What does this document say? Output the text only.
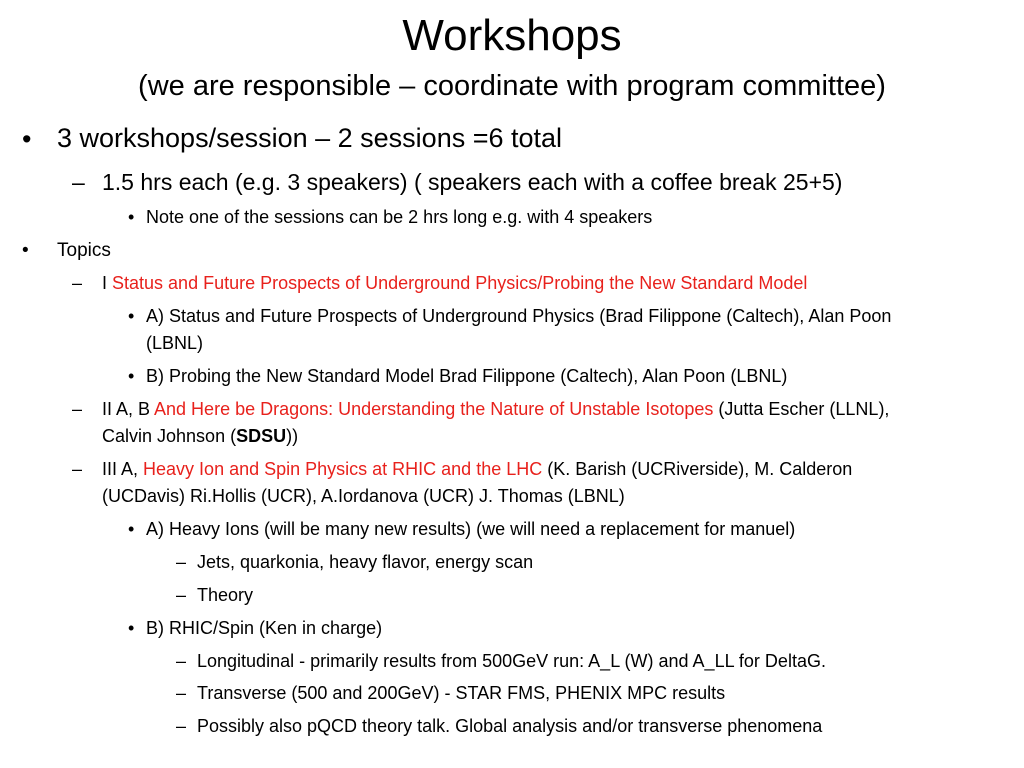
Workshops
(we are responsible – coordinate with program committee)
• 3 workshops/session – 2 sessions =6 total
– 1.5 hrs each (e.g. 3 speakers) ( speakers each with a coffee break 25+5)
• Note one of the sessions can be 2 hrs long e.g. with 4 speakers
• Topics
– I Status and Future Prospects of Underground Physics/Probing the New Standard Model
• A) Status and Future Prospects of Underground Physics (Brad Filippone (Caltech), Alan Poon
(LBNL)
• B) Probing the New Standard Model Brad Filippone (Caltech), Alan Poon (LBNL)
– II A, B And Here be Dragons: Understanding the Nature of Unstable Isotopes (Jutta Escher (LLNL),
Calvin Johnson (SDSU))
– III A, Heavy Ion and Spin Physics at RHIC and the LHC (K. Barish (UCRiverside), M. Calderon
(UCDavis) Ri.Hollis (UCR), A.Iordanova (UCR) J. Thomas (LBNL)
• A) Heavy Ions (will be many new results) (we will need a replacement for manuel)
– Jets, quarkonia, heavy flavor, energy scan
– Theory
• B) RHIC/Spin (Ken in charge)
– Longitudinal - primarily results from 500GeV run: A_L (W) and A_LL for DeltaG.
– Transverse (500 and 200GeV) - STAR FMS, PHENIX MPC results
– Possibly also pQCD theory talk. Global analysis and/or transverse phenomena
